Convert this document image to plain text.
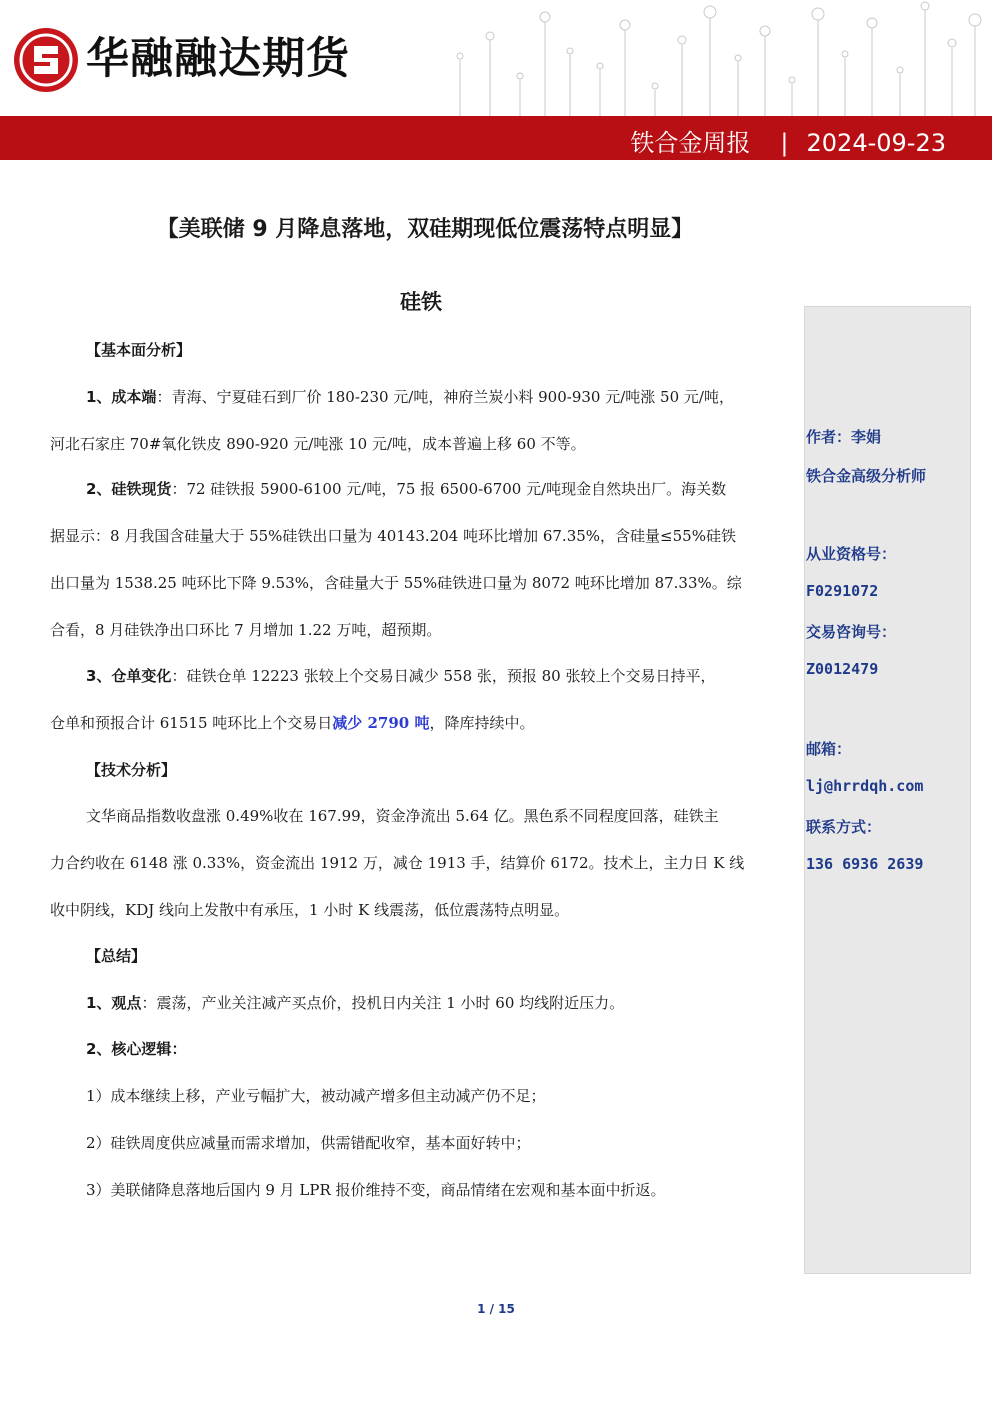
华融融达期货
铁合金周报 | 2024-09-23
【美联储 9 月降息落地，双硅期现低位震荡特点明显】
硅铁
【基本面分析】
1、成本端：青海、宁夏硅石到厂价 180-230 元/吨，神府兰炭小料 900-930 元/吨涨 50 元/吨，
河北石家庄 70#氧化铁皮 890-920 元/吨涨 10 元/吨，成本普遍上移 60 不等。
2、硅铁现货：72 硅铁报 5900-6100 元/吨，75 报 6500-6700 元/吨现金自然块出厂。海关数
据显示：8 月我国含硅量大于 55%硅铁出口量为 40143.204 吨环比增加 67.35%，含硅量≤55%硅铁
出口量为 1538.25 吨环比下降 9.53%，含硅量大于 55%硅铁进口量为 8072 吨环比增加 87.33%。综
合看，8 月硅铁净出口环比 7 月增加 1.22 万吨，超预期。
3、仓单变化：硅铁仓单 12223 张较上个交易日减少 558 张，预报 80 张较上个交易日持平，
仓单和预报合计 61515 吨环比上个交易日减少 2790 吨，降库持续中。
【技术分析】
文华商品指数收盘涨 0.49%收在 167.99，资金净流出 5.64 亿。黑色系不同程度回落，硅铁主
力合约收在 6148 涨 0.33%，资金流出 1912 万，减仓 1913 手，结算价 6172。技术上，主力日 K 线
收中阴线，KDJ 线向上发散中有承压，1 小时 K 线震荡，低位震荡特点明显。
【总结】
1、观点：震荡，产业关注减产买点价，投机日内关注 1 小时 60 均线附近压力。
2、核心逻辑：
1）成本继续上移，产业亏幅扩大，被动减产增多但主动减产仍不足；
2）硅铁周度供应减量而需求增加，供需错配收窄，基本面好转中；
3）美联储降息落地后国内 9 月 LPR 报价维持不变，商品情绪在宏观和基本面中折返。
作者：李娟
铁合金高级分析师
从业资格号：
F0291072
交易咨询号：
Z0012479
邮箱：
lj@hrrdqh.com
联系方式：
136 6936 2639
1 / 15
